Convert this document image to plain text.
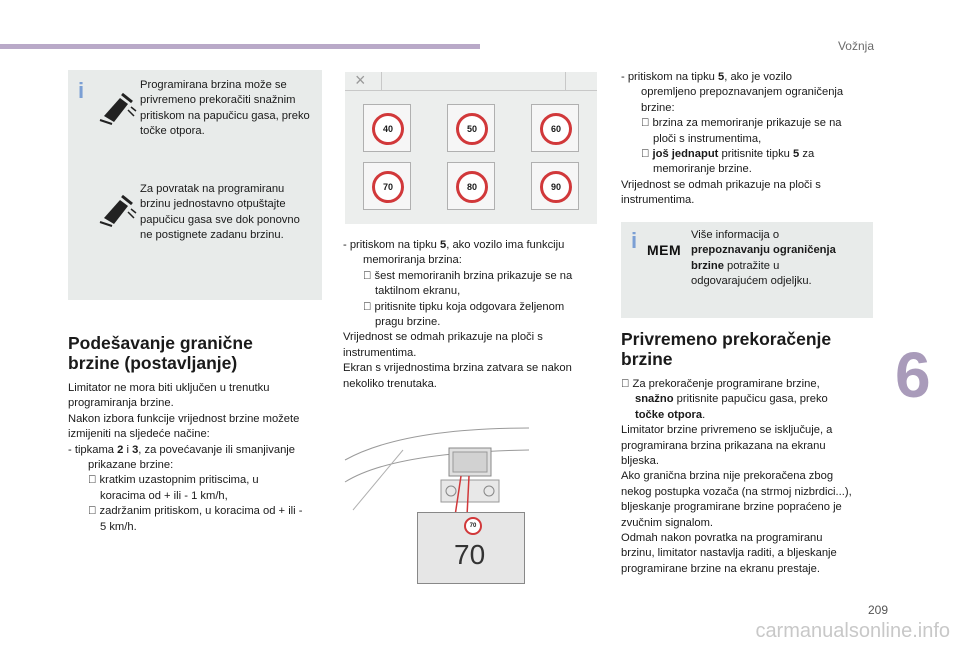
Vožnja
i	Programirana brzina može se privremeno prekoračiti snažnim pritiskom na papučicu gasa, preko točke otpora.

Za povratak na programiranu brzinu jednostavno otpuštajte papučicu gasa sve dok ponovno ne postignete zadanu brzinu.

Podešavanje granične
brzine (postavljanje)

Limitator ne mora biti uključen u trenutku

programiranja brzine.

Nakon izbora funkcije vrijednost brzine možete

izmijeniti na sljedeće načine:

- tipkama 2 i 3, za povećavanje ili smanjivanje

prikazane brzine:

kratkim uzastopnim pritiscima, u

koracima od + ili - 1 km/h,

zadržanim pritiskom, u koracima od + ili -

5 km/h.

×
40	50	60
70	80	90

- pritiskom na tipku 5, ako vozilo ima funkciju

memoriranja brzina:

šest memoriranih brzina prikazuje se na

taktilnom ekranu,

pritisnite tipku koja odgovara željenom

pragu brzine.

Vrijednost se odmah prikazuje na ploči s

instrumentima.

Ekran s vrijednostima brzina zatvara se nakon

nekoliko trenutaka.

70
70

- pritiskom na tipku 5, ako je vozilo

opremljeno prepoznavanjem ograničenja

brzine:

brzina za memoriranje prikazuje se na

ploči s instrumentima,

još jednaput pritisnite tipku 5 za

memoriranje brzine.

Vrijednost se odmah prikazuje na ploči s

instrumentima.

i MEM

Više informacija o

prepoznavanju ograničenja

brzine potražite u

odgovarajućem odjeljku.

Privremeno prekoračenje
brzine

Za prekoračenje programirane brzine,

snažno pritisnite papučicu gasa, preko

točke otpora.

Limitator brzine privremeno se isključuje, a

programirana brzina prikazana na ekranu

bljeska.

Ako granična brzina nije prekoračena zbog

nekog postupka vozača (na strmoj nizbrdici...),

bljeskanje programirane brzine popraćeno je

zvučnim signalom.

Odmah nakon povratka na programiranu

brzinu, limitator nastavlja raditi, a bljeskanje

programirane brzine na ekranu prestaje.

6
209
carmanualsonline.info
